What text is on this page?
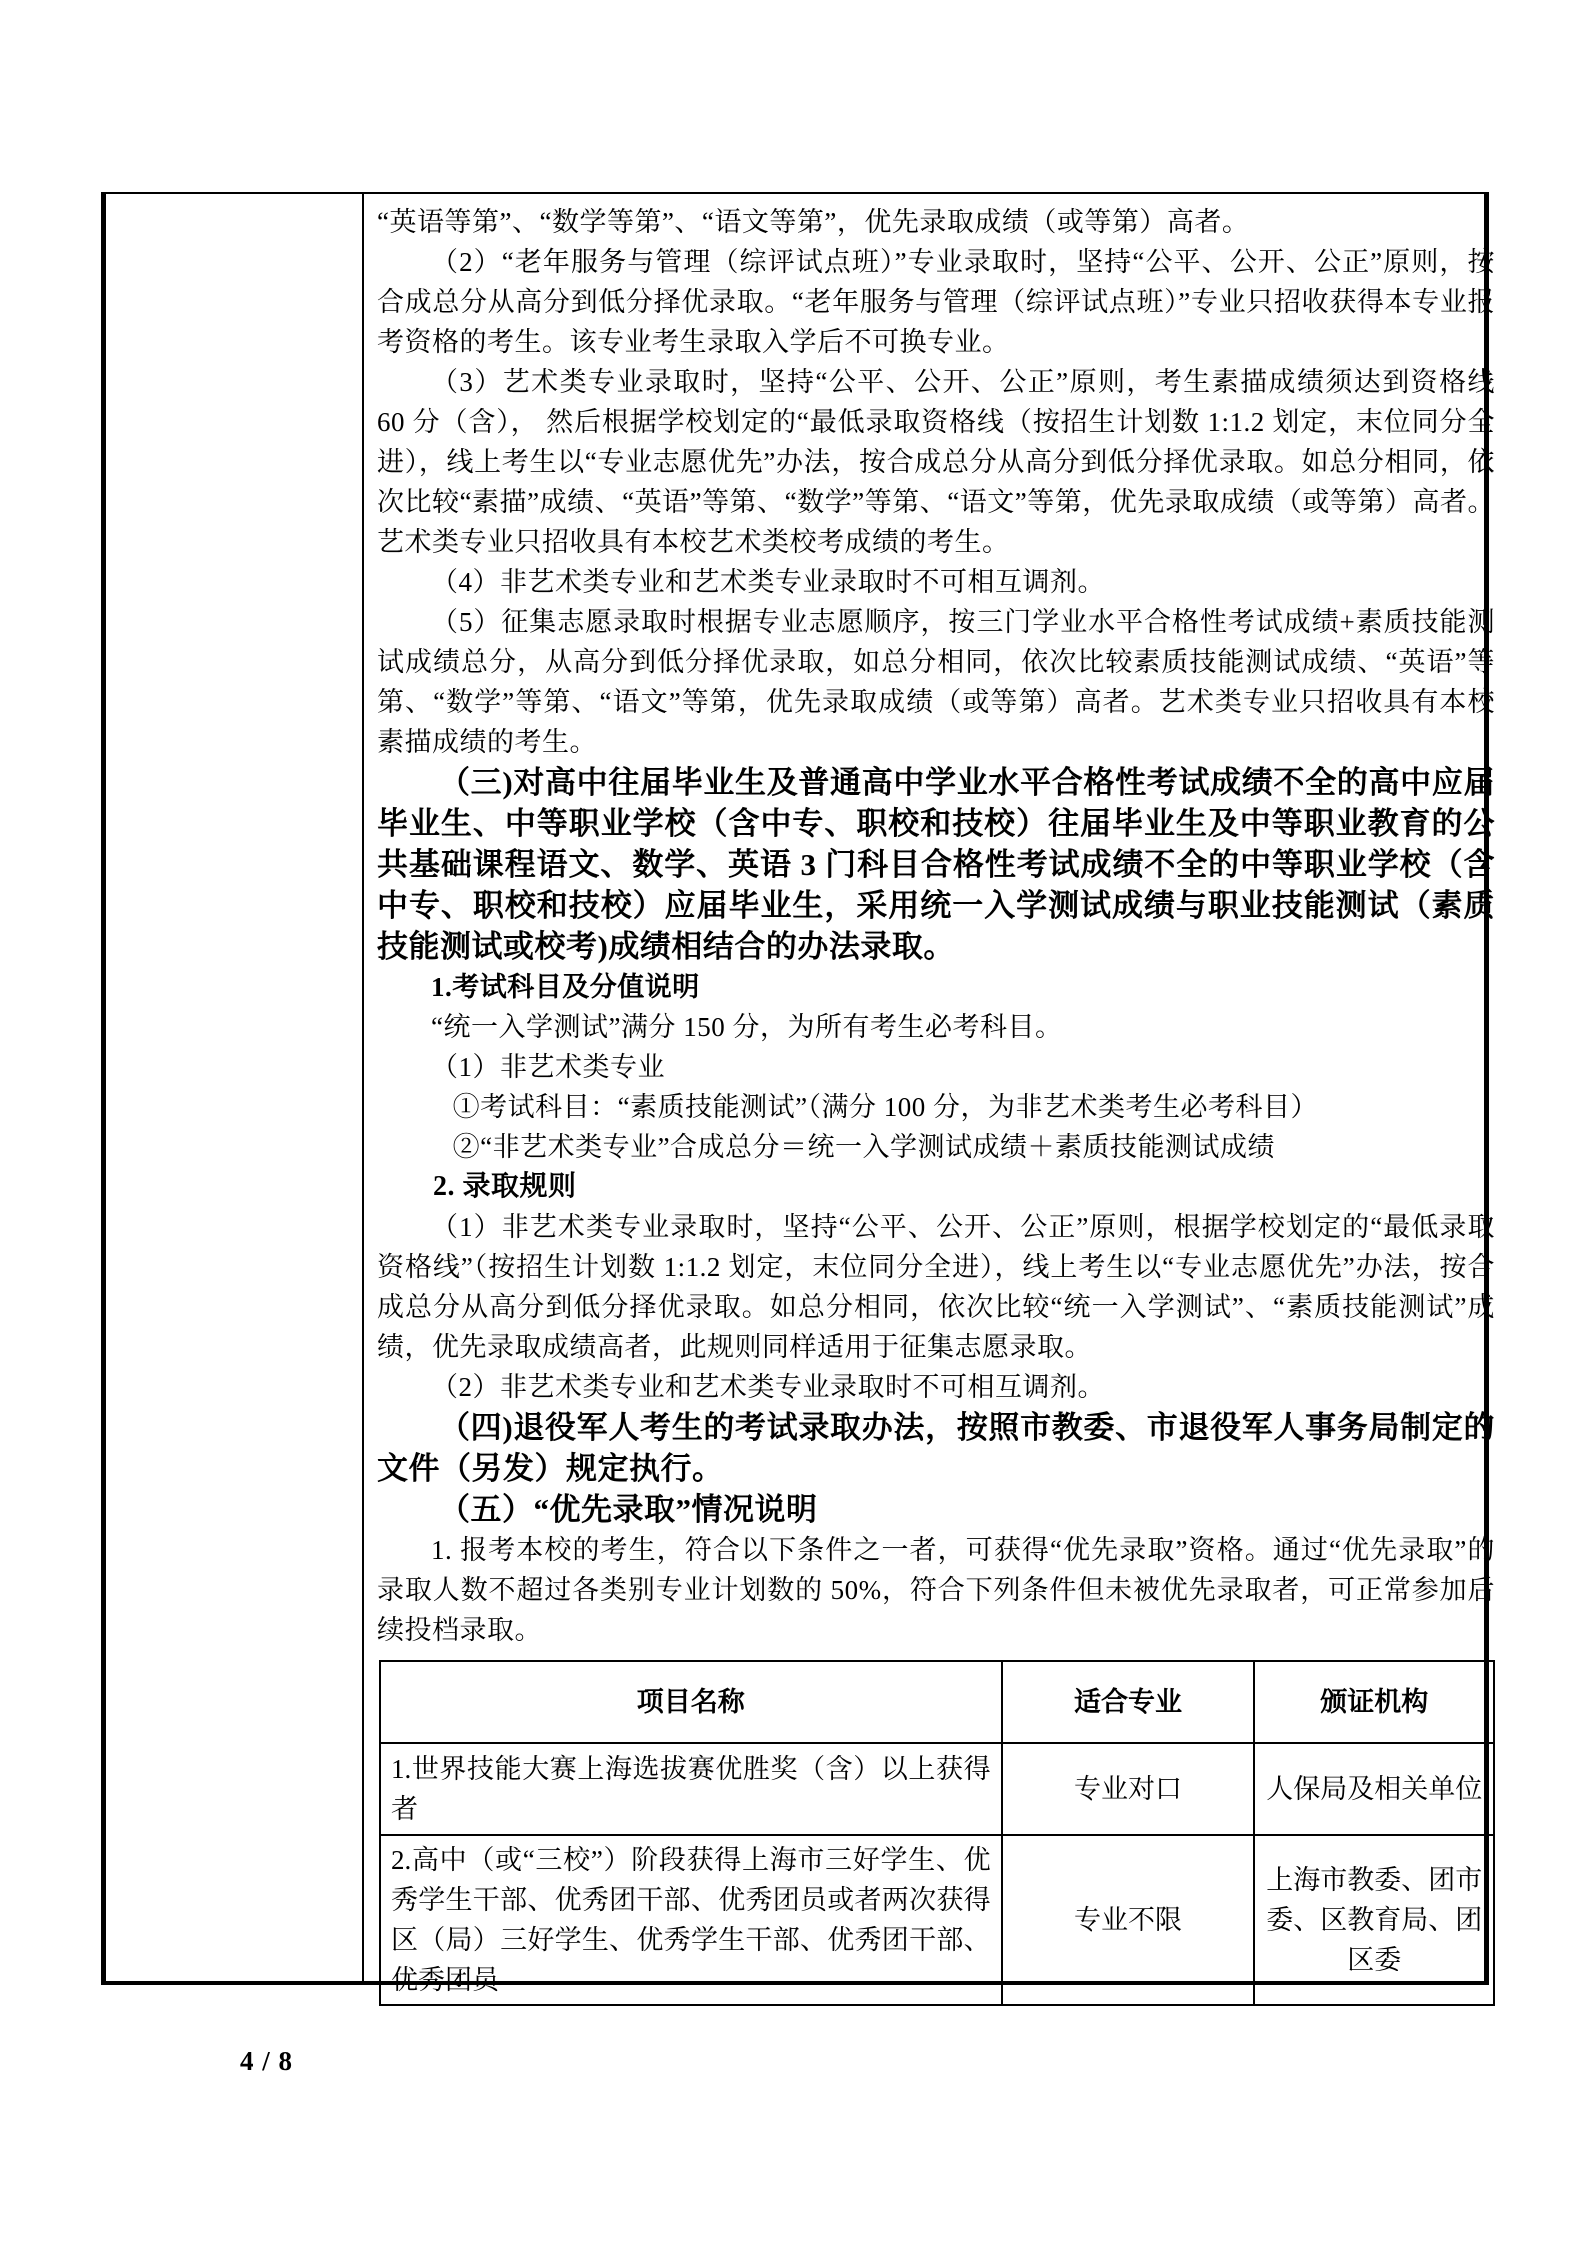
“英语等第”、“数学等第”、“语文等第”，优先录取成绩（或等第）高者。

（2）“老年服务与管理（综评试点班）”专业录取时，坚持“公平、公开、公正”原则，按合成总分从高分到低分择优录取。“老年服务与管理（综评试点班）”专业只招收获得本专业报考资格的考生。该专业考生录取入学后不可换专业。

（3）艺术类专业录取时，坚持“公平、公开、公正”原则，考生素描成绩须达到资格线 60 分（含）， 然后根据学校划定的“最低录取资格线（按招生计划数 1:1.2 划定，末位同分全进），线上考生以“专业志愿优先”办法，按合成总分从高分到低分择优录取。如总分相同，依次比较“素描”成绩、“英语”等第、“数学”等第、“语文”等第，优先录取成绩（或等第）高者。艺术类专业只招收具有本校艺术类校考成绩的考生。

（4）非艺术类专业和艺术类专业录取时不可相互调剂。

（5）征集志愿录取时根据专业志愿顺序，按三门学业水平合格性考试成绩+素质技能测试成绩总分，从高分到低分择优录取，如总分相同，依次比较素质技能测试成绩、“英语”等第、“数学”等第、“语文”等第，优先录取成绩（或等第）高者。艺术类专业只招收具有本校素描成绩的考生。

（三)对高中往届毕业生及普通高中学业水平合格性考试成绩不全的高中应届毕业生、中等职业学校（含中专、职校和技校）往届毕业生及中等职业教育的公共基础课程语文、数学、英语 3 门科目合格性考试成绩不全的中等职业学校（含中专、职校和技校）应届毕业生，采用统一入学测试成绩与职业技能测试（素质技能测试或校考)成绩相结合的办法录取。

1.考试科目及分值说明

“统一入学测试”满分 150 分，为所有考生必考科目。

（1）非艺术类专业

①考试科目：“素质技能测试”（满分 100 分，为非艺术类考生必考科目）

②“非艺术类专业”合成总分＝统一入学测试成绩＋素质技能测试成绩

2. 录取规则

（1）非艺术类专业录取时，坚持“公平、公开、公正”原则，根据学校划定的“最低录取资格线”（按招生计划数 1:1.2 划定，末位同分全进），线上考生以“专业志愿优先”办法，按合成总分从高分到低分择优录取。如总分相同，依次比较“统一入学测试”、“素质技能测试”成绩，优先录取成绩高者，此规则同样适用于征集志愿录取。

（2）非艺术类专业和艺术类专业录取时不可相互调剂。

（四)退役军人考生的考试录取办法，按照市教委、市退役军人事务局制定的文件（另发）规定执行。

（五）“优先录取”情况说明

1. 报考本校的考生，符合以下条件之一者，可获得“优先录取”资格。通过“优先录取”的录取人数不超过各类别专业计划数的 50%，符合下列条件但未被优先录取者，可正常参加后续投档录取。

项目名称	适合专业	颁证机构
1.世界技能大赛上海选拔赛优胜奖（含）以上获得者	专业对口	人保局及相关单位
2.高中（或“三校”）阶段获得上海市三好学生、优秀学生干部、优秀团干部、优秀团员或者两次获得区（局）三好学生、优秀学生干部、优秀团干部、优秀团员	专业不限	上海市教委、团市委、区教育局、团区委
4 / 8
